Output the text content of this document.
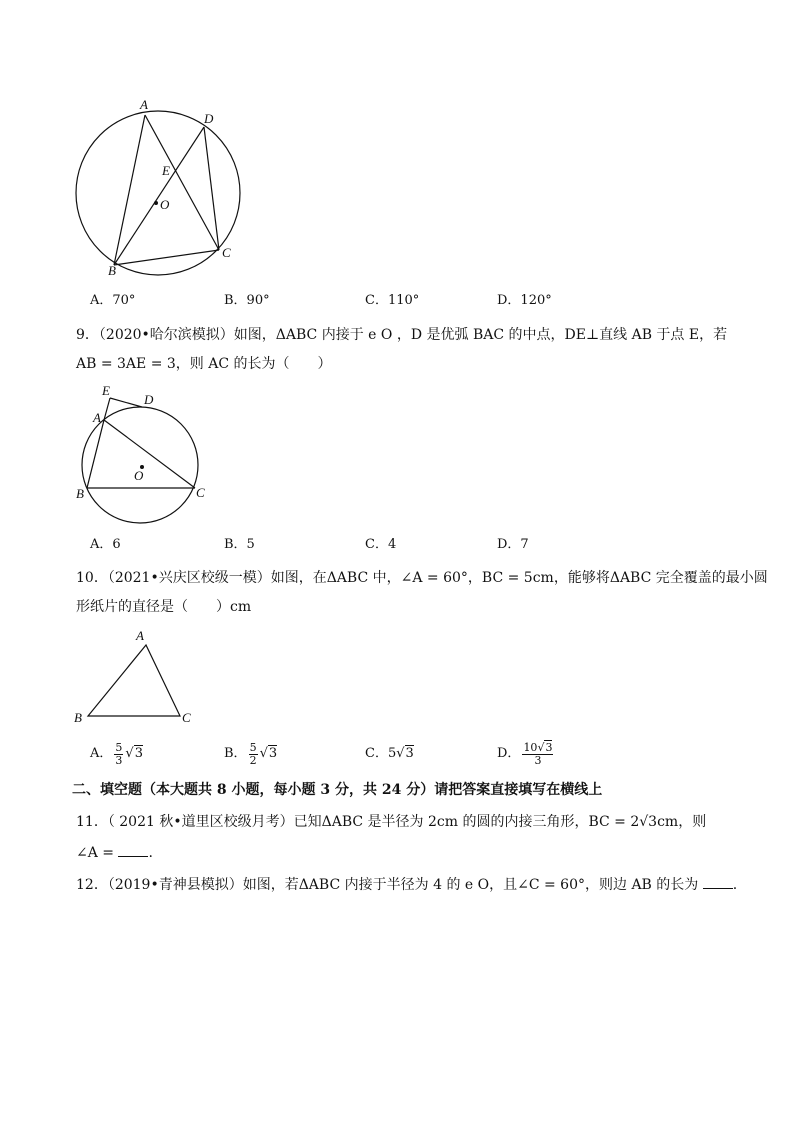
A
D
E
O
B
C
A．70°	B．90°	C．110°	D．120°
9．（2020•哈尔滨模拟）如图，ΔABC 内接于 e O ，D 是优弧 BAC 的中点，DE⊥直线 AB 于点 E，若
AB = 3AE = 3，则 AC 的长为（　　）
E
D
A
O
B	C
A．6	B．5	C．4	D．7
10．（2021•兴庆区校级一模）如图，在ΔABC 中，∠A = 60°，BC = 5cm，能够将ΔABC 完全覆盖的最小圆
形纸片的直径是（　　）cm
A
B	C
A． $\frac{5}{3} √3$	B． $\frac{5}{2} √3$	C． 5 √3	D． $\frac{10√3}{3}$
二、填空题（本大题共 8 小题，每小题 3 分，共 24 分）请把答案直接填写在横线上
11．（ 2021 秋•道里区校级月考）已知ΔABC 是半径为 2cm 的圆的内接三角形，BC = 2√3cm，则
∠A = .
12．（2019•青神县模拟）如图，若ΔABC 内接于半径为 4 的 e O，且∠C = 60°，则边 AB 的长为 .
